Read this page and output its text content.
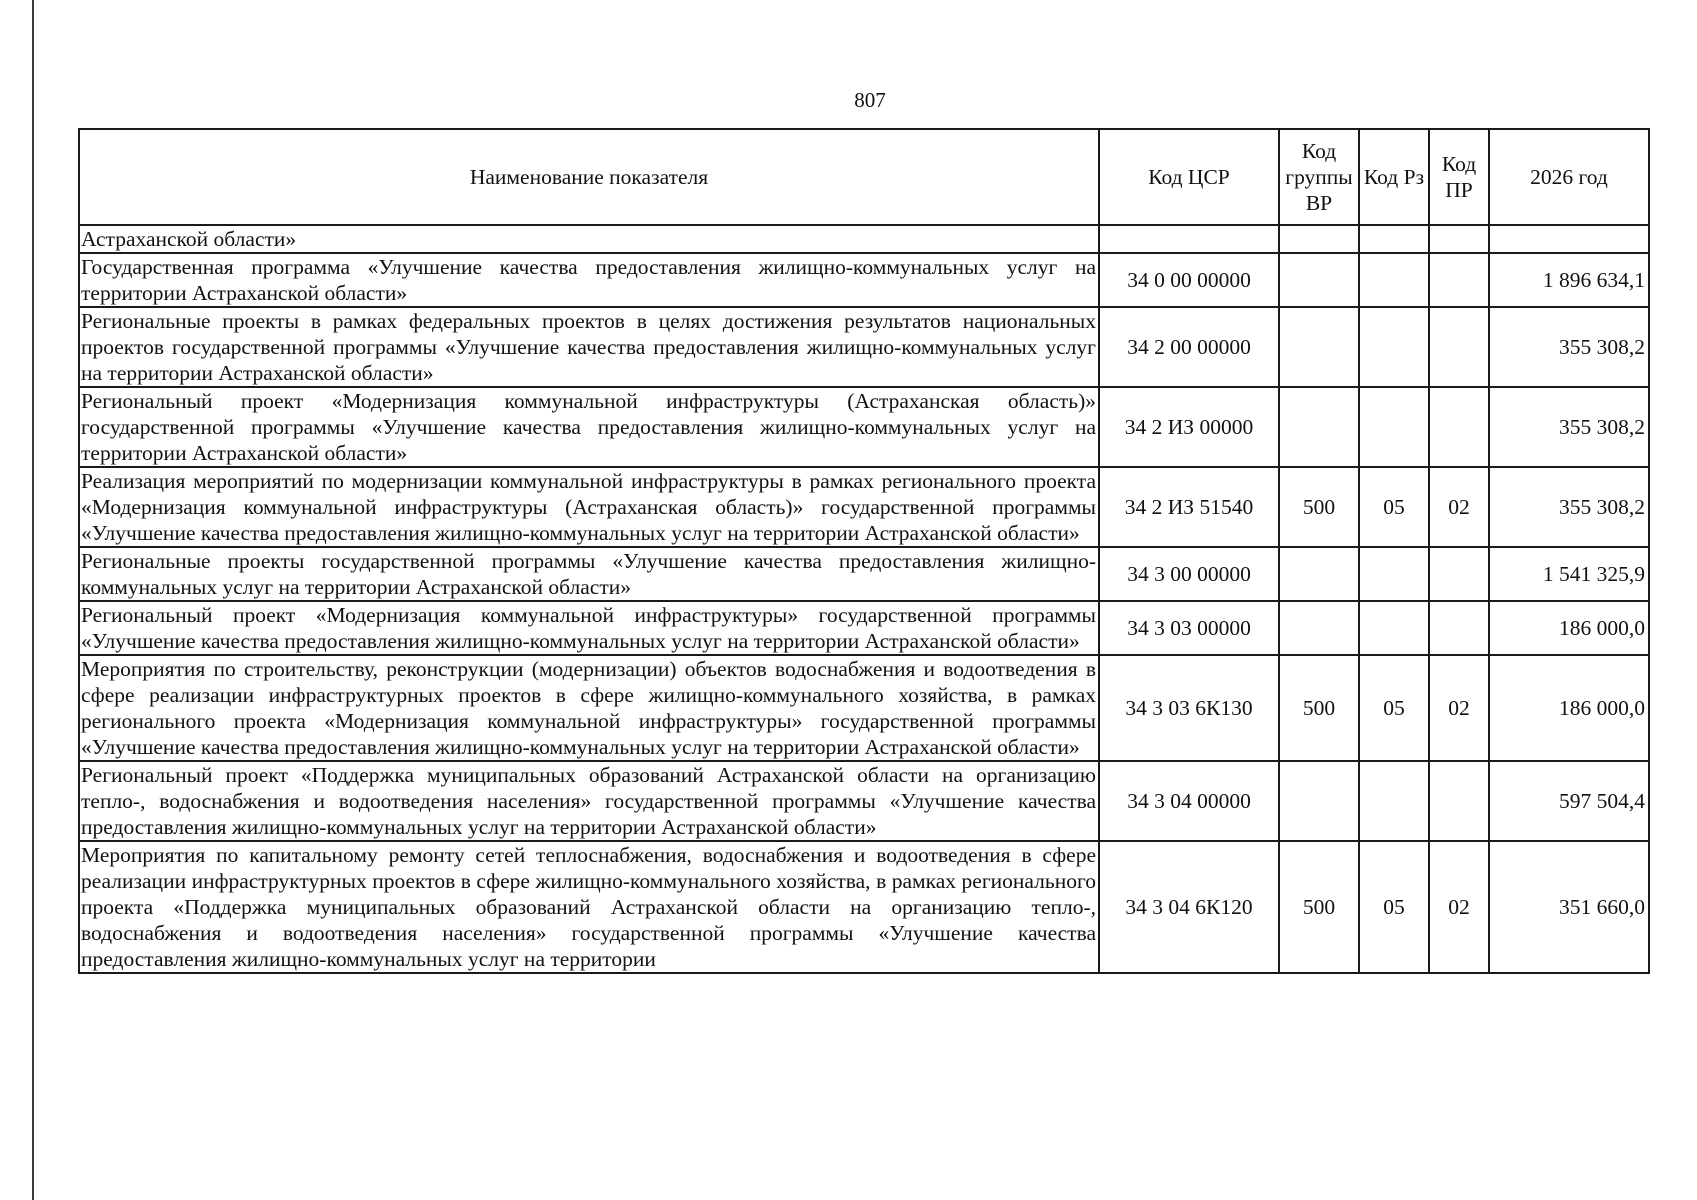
807
Наименование показателя	Код ЦСР	Код группы ВР	Код Рз	Код ПР	2026 год
Астраханской области»					
Государственная программа «Улучшение качества предоставления жилищно-коммунальных услуг на территории Астраханской области»	34 0 00 00000				1 896 634,1
Региональные проекты в рамках федеральных проектов в целях достижения результатов национальных проектов государственной программы «Улучшение качества предоставления жилищно-коммунальных услуг на территории Астраханской области»	34 2 00 00000				355 308,2
Региональный проект «Модернизация коммунальной инфраструктуры (Астраханская область)» государственной программы «Улучшение качества предоставления жилищно-коммунальных услуг на территории Астраханской области»	34 2 ИЗ 00000				355 308,2
Реализация мероприятий по модернизации коммунальной инфраструктуры в рамках регионального проекта «Модернизация коммунальной инфраструктуры (Астраханская область)» государственной программы «Улучшение качества предоставления жилищно-коммунальных услуг на территории Астраханской области»	34 2 ИЗ 51540	500	05	02	355 308,2
Региональные проекты государственной программы «Улучшение качества предоставления жилищно-коммунальных услуг на территории Астраханской области»	34 3 00 00000				1 541 325,9
Региональный проект «Модернизация коммунальной инфраструктуры» государственной программы «Улучшение качества предоставления жилищно-коммунальных услуг на территории Астраханской области»	34 3 03 00000				186 000,0
Мероприятия по строительству, реконструкции (модернизации) объектов водоснабжения и водоотведения в сфере реализации инфраструктурных проектов в сфере жилищно-коммунального хозяйства, в рамках регионального проекта «Модернизация коммунальной инфраструктуры» государственной программы «Улучшение качества предоставления жилищно-коммунальных услуг на территории Астраханской области»	34 3 03 6К130	500	05	02	186 000,0
Региональный проект «Поддержка муниципальных образований Астраханской области на организацию тепло-, водоснабжения и водоотведения населения» государственной программы «Улучшение качества предоставления жилищно-коммунальных услуг на территории Астраханской области»	34 3 04 00000				597 504,4
Мероприятия по капитальному ремонту сетей теплоснабжения, водоснабжения и водоотведения в сфере реализации инфраструктурных проектов в сфере жилищно-коммунального хозяйства, в рамках регионального проекта «Поддержка муниципальных образований Астраханской области на организацию тепло-, водоснабжения и водоотведения населения» государственной программы «Улучшение качества предоставления жилищно-коммунальных услуг на территории	34 3 04 6К120	500	05	02	351 660,0
